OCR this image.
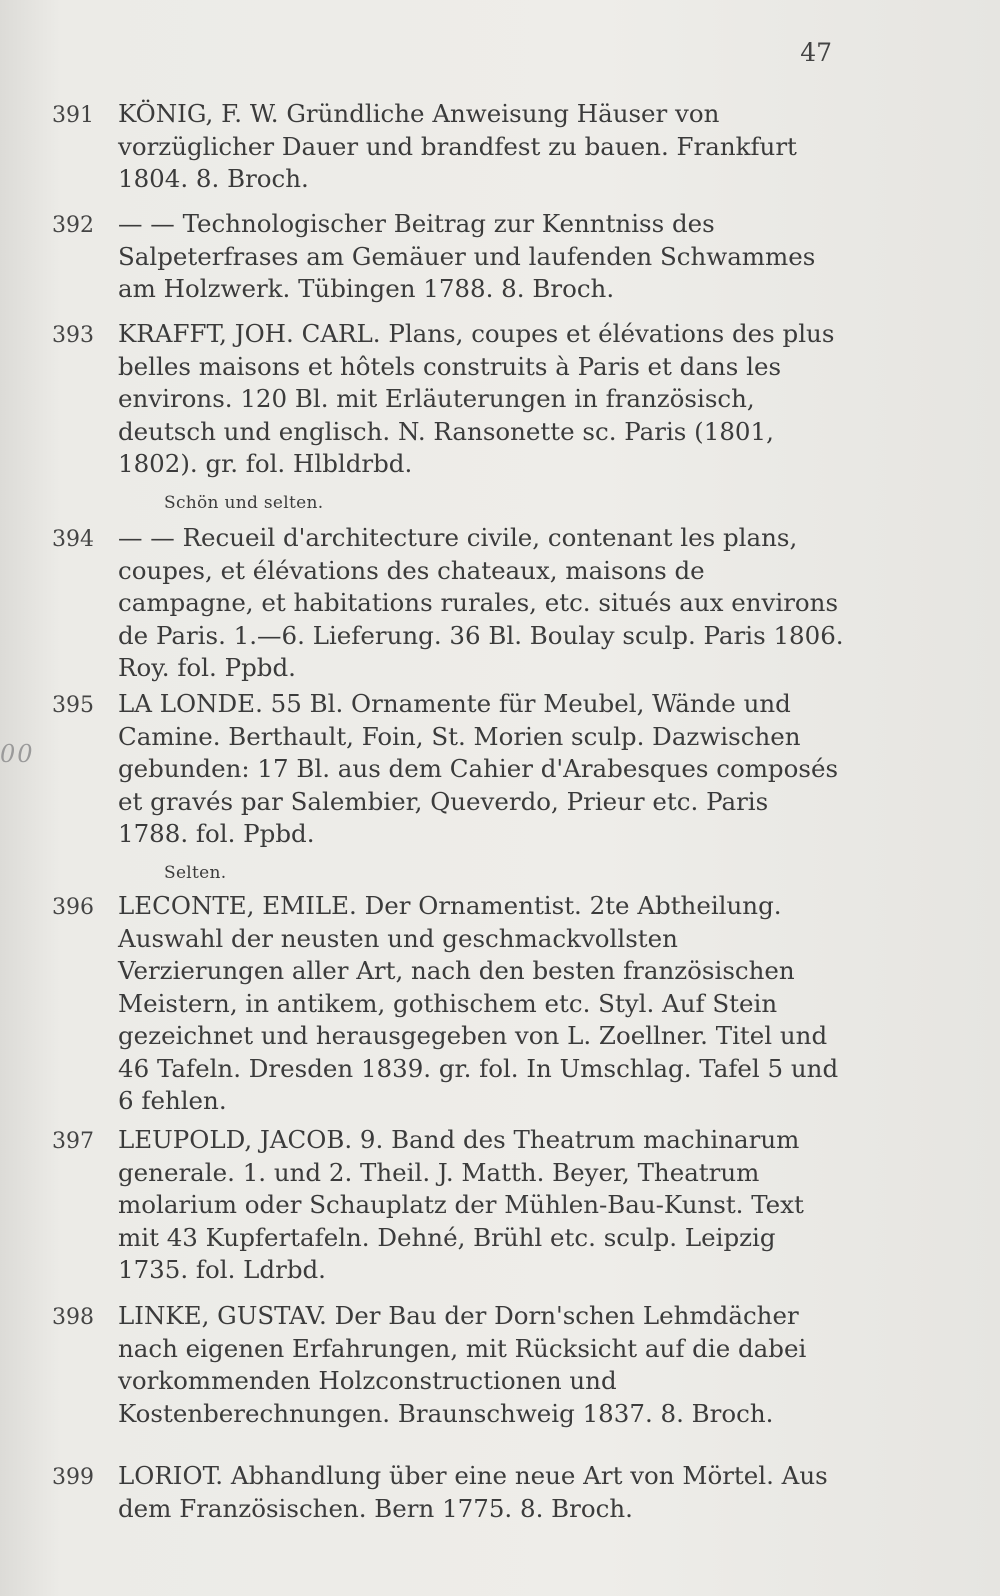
47
00
391 KÖNIG, F. W. Gründliche Anweisung Häuser von vorzüglicher Dauer und brandfest zu bauen. Frankfurt 1804. 8. Broch.
392 — — Technologischer Beitrag zur Kenntniss des Salpeterfrases am Gemäuer und laufenden Schwammes am Holzwerk. Tübingen 1788. 8. Broch.
393 KRAFFT, JOH. CARL. Plans, coupes et élévations des plus belles maisons et hôtels construits à Paris et dans les environs. 120 Bl. mit Erläuterungen in französisch, deutsch und englisch. N. Ransonette sc. Paris (1801, 1802). gr. fol. Hlbldrbd.
Schön und selten.
394 — — Recueil d'architecture civile, contenant les plans, coupes, et élévations des chateaux, maisons de campagne, et habitations rurales, etc. situés aux environs de Paris. 1.—6. Lieferung. 36 Bl. Boulay sculp. Paris 1806. Roy. fol. Ppbd.
395 LA LONDE. 55 Bl. Ornamente für Meubel, Wände und Camine. Berthault, Foin, St. Morien sculp. Dazwischen gebunden: 17 Bl. aus dem Cahier d'Arabesques composés et gravés par Salembier, Queverdo, Prieur etc. Paris 1788. fol. Ppbd.
Selten.
396 LECONTE, EMILE. Der Ornamentist. 2te Abtheilung. Auswahl der neusten und geschmackvollsten Verzierungen aller Art, nach den besten französischen Meistern, in antikem, gothischem etc. Styl. Auf Stein gezeichnet und herausgegeben von L. Zoellner. Titel und 46 Tafeln. Dresden 1839. gr. fol. In Umschlag. Tafel 5 und 6 fehlen.
397 LEUPOLD, JACOB. 9. Band des Theatrum machinarum generale. 1. und 2. Theil. J. Matth. Beyer, Theatrum molarium oder Schauplatz der Mühlen-Bau-Kunst. Text mit 43 Kupfertafeln. Dehné, Brühl etc. sculp. Leipzig 1735. fol. Ldrbd.
398 LINKE, GUSTAV. Der Bau der Dorn'schen Lehmdächer nach eigenen Erfahrungen, mit Rücksicht auf die dabei vorkommenden Holzconstructionen und Kostenberechnungen. Braunschweig 1837. 8. Broch.
399 LORIOT. Abhandlung über eine neue Art von Mörtel. Aus dem Französischen. Bern 1775. 8. Broch.
